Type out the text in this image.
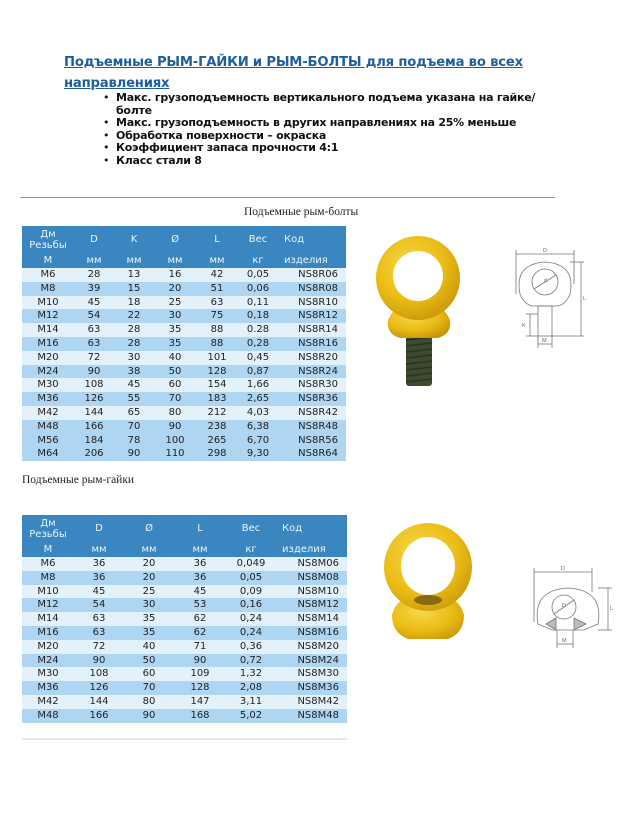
Подъемные РЫМ-ГАЙКИ и РЫМ-БОЛТЫ для подъема во всех направлениях
• Макс. грузоподъемность вертикального подъема указана на гайке/болте
• Макс. грузоподъемность в других направлениях на 25% меньше
• Обработка поверхности – окраска
• Коэффициент запаса прочности 4:1
• Класс стали 8
Подъемные рым-болты
Дм
Резьбы	D	K	Ø	L	Вес	Код
М	мм	мм	мм	мм	кг	изделия
M6	28	13	16	42	0,05	NS8R06
M8	39	15	20	51	0,06	NS8R08
M10	45	18	25	63	0,11	NS8R10
M12	54	22	30	75	0,18	NS8R12
M14	63	28	35	88	0.28	NS8R14
M16	63	28	35	88	0,28	NS8R16
M20	72	30	40	101	0,45	NS8R20
M24	90	38	50	128	0,87	NS8R24
M30	108	45	60	154	1,66	NS8R30
M36	126	55	70	183	2,65	NS8R36
M42	144	65	80	212	4,03	NS8R42
M48	166	70	90	238	6,38	NS8R48
M56	184	78	100	265	6,70	NS8R56
M64	206	90	110	298	9,30	NS8R64
D
d
K
L
M
Подъемные рым-гайки
Дм
Резьбы	D	Ø	L	Вес	Код
М	мм	мм	мм	кг	изделия
M6	36	20	36	0,049	NS8M06
M8	36	20	36	0,05	NS8M08
M10	45	25	45	0,09	NS8M10
M12	54	30	53	0,16	NS8M12
M14	63	35	62	0,24	NS8M14
M16	63	35	62	0,24	NS8M16
M20	72	40	71	0,36	NS8M20
M24	90	50	90	0,72	NS8M24
M30	108	60	109	1,32	NS8M30
M36	126	70	128	2,08	NS8M36
M42	144	80	147	3,11	NS8M42
M48	166	90	168	5,02	NS8M48
D
D	L
M
